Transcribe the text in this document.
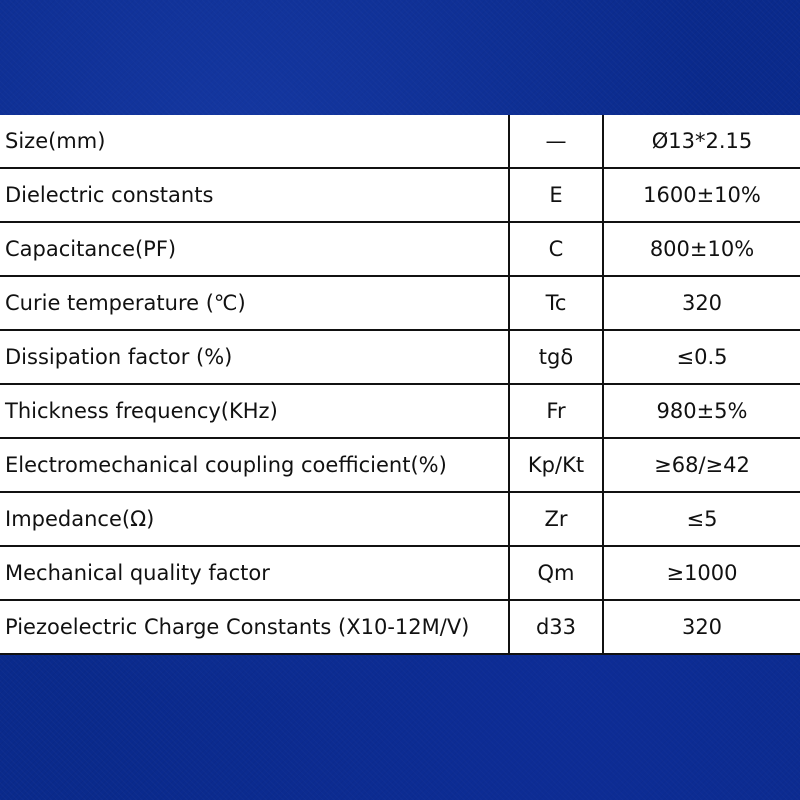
Size(mm)	—	Ø13*2.15
Dielectric constants	E	1600±10%
Capacitance(PF)	C	800±10%
Curie temperature (℃)	Tc	320
Dissipation factor (%)	tgδ	≤0.5
Thickness frequency(KHz)	Fr	980±5%
Electromechanical coupling coefficient(%)	Kp/Kt	≥68/≥42
Impedance(Ω)	Zr	≤5
Mechanical quality factor	Qm	≥1000
Piezoelectric Charge Constants (X10-12M/V)	d33	320
